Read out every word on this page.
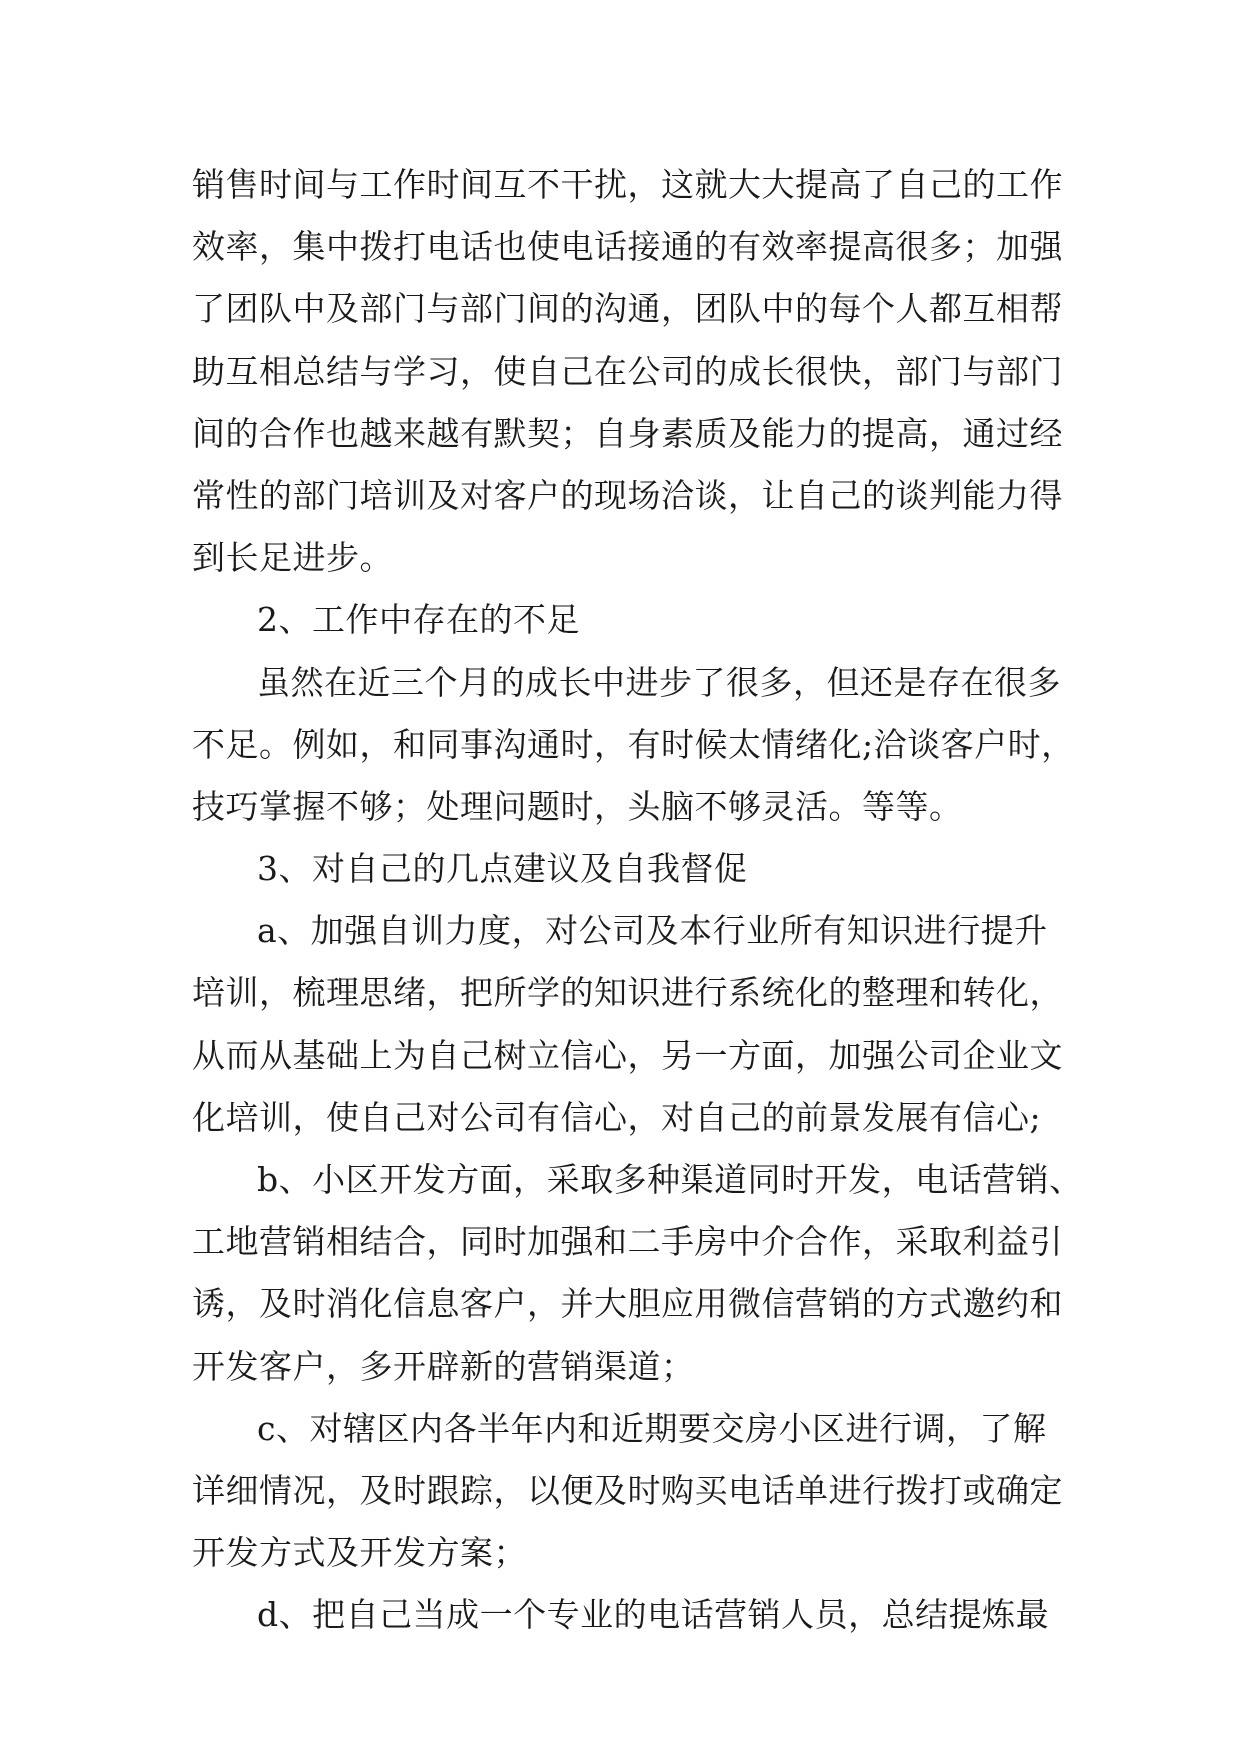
销售时间与工作时间互不干扰，这就大大提高了自己的工作
效率，集中拨打电话也使电话接通的有效率提高很多；加强
了团队中及部门与部门间的沟通，团队中的每个人都互相帮
助互相总结与学习，使自己在公司的成长很快，部门与部门
间的合作也越来越有默契；自身素质及能力的提高，通过经
常性的部门培训及对客户的现场洽谈，让自己的谈判能力得
到长足进步。
2、工作中存在的不足
虽然在近三个月的成长中进步了很多，但还是存在很多
不足。例如，和同事沟通时，有时候太情绪化;洽谈客户时，
技巧掌握不够；处理问题时，头脑不够灵活。等等。
3、对自己的几点建议及自我督促
a、加强自训力度，对公司及本行业所有知识进行提升
培训，梳理思绪，把所学的知识进行系统化的整理和转化，
从而从基础上为自己树立信心，另一方面，加强公司企业文
化培训，使自己对公司有信心，对自己的前景发展有信心;
b、小区开发方面，采取多种渠道同时开发，电话营销、
工地营销相结合，同时加强和二手房中介合作，采取利益引
诱，及时消化信息客户，并大胆应用微信营销的方式邀约和
开发客户，多开辟新的营销渠道；
c、对辖区内各半年内和近期要交房小区进行调，了解
详细情况，及时跟踪，以便及时购买电话单进行拨打或确定
开发方式及开发方案；
d、把自己当成一个专业的电话营销人员，总结提炼最
